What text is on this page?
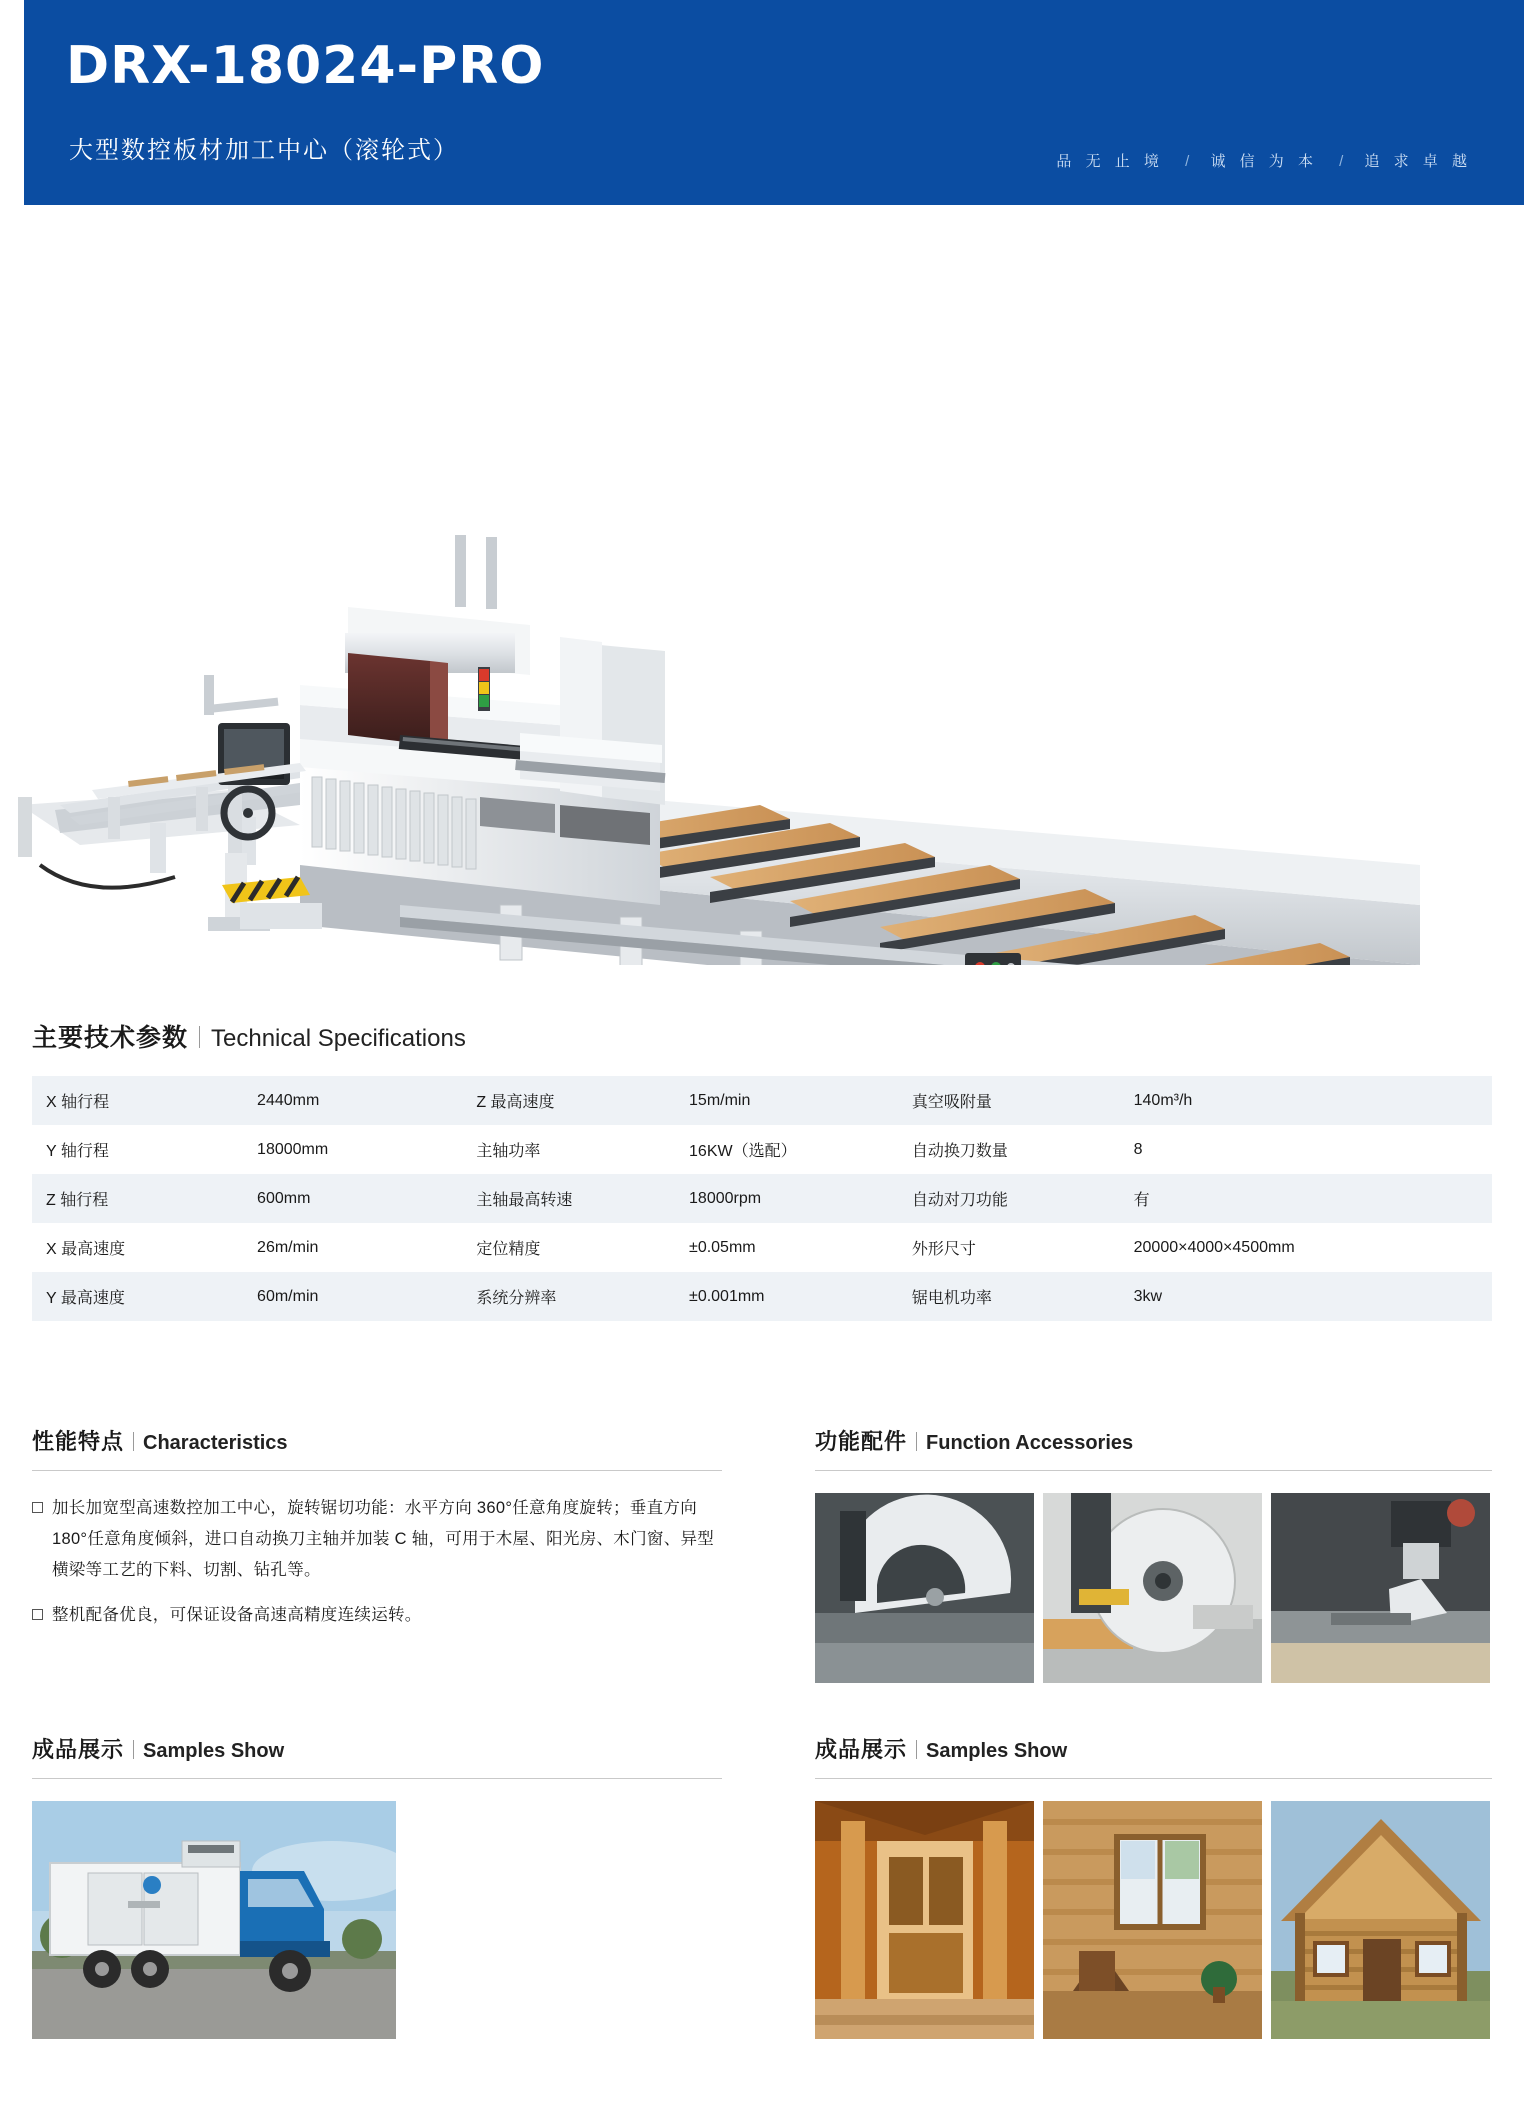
DRX-18024-PRO
大型数控板材加工中心（滚轮式）	品 无 止 境 / 诚 信 为 本 / 追 求 卓 越
主要技术参数 Technical Specifications
X 轴行程	2440mm	Z 最高速度	15m/min	真空吸附量	140m³/h
Y 轴行程	18000mm	主轴功率	16KW（选配）	自动换刀数量	8
Z 轴行程	600mm	主轴最高转速	18000rpm	自动对刀功能	有
X 最高速度	26m/min	定位精度	±0.05mm	外形尺寸	20000×4000×4500mm
Y 最高速度	60m/min	系统分辨率	±0.001mm	锯电机功率	3kw
性能特点 Characteristics
加长加宽型高速数控加工中心，旋转锯切功能：水平方向 360°任意角度旋转；垂直方向 180°任意角度倾斜，进口自动换刀主轴并加装 C 轴，可用于木屋、阳光房、木门窗、异型横梁等工艺的下料、切割、钻孔等。
整机配备优良，可保证设备高速高精度连续运转。
功能配件 Function Accessories
成品展示 Samples Show	成品展示 Samples Show
